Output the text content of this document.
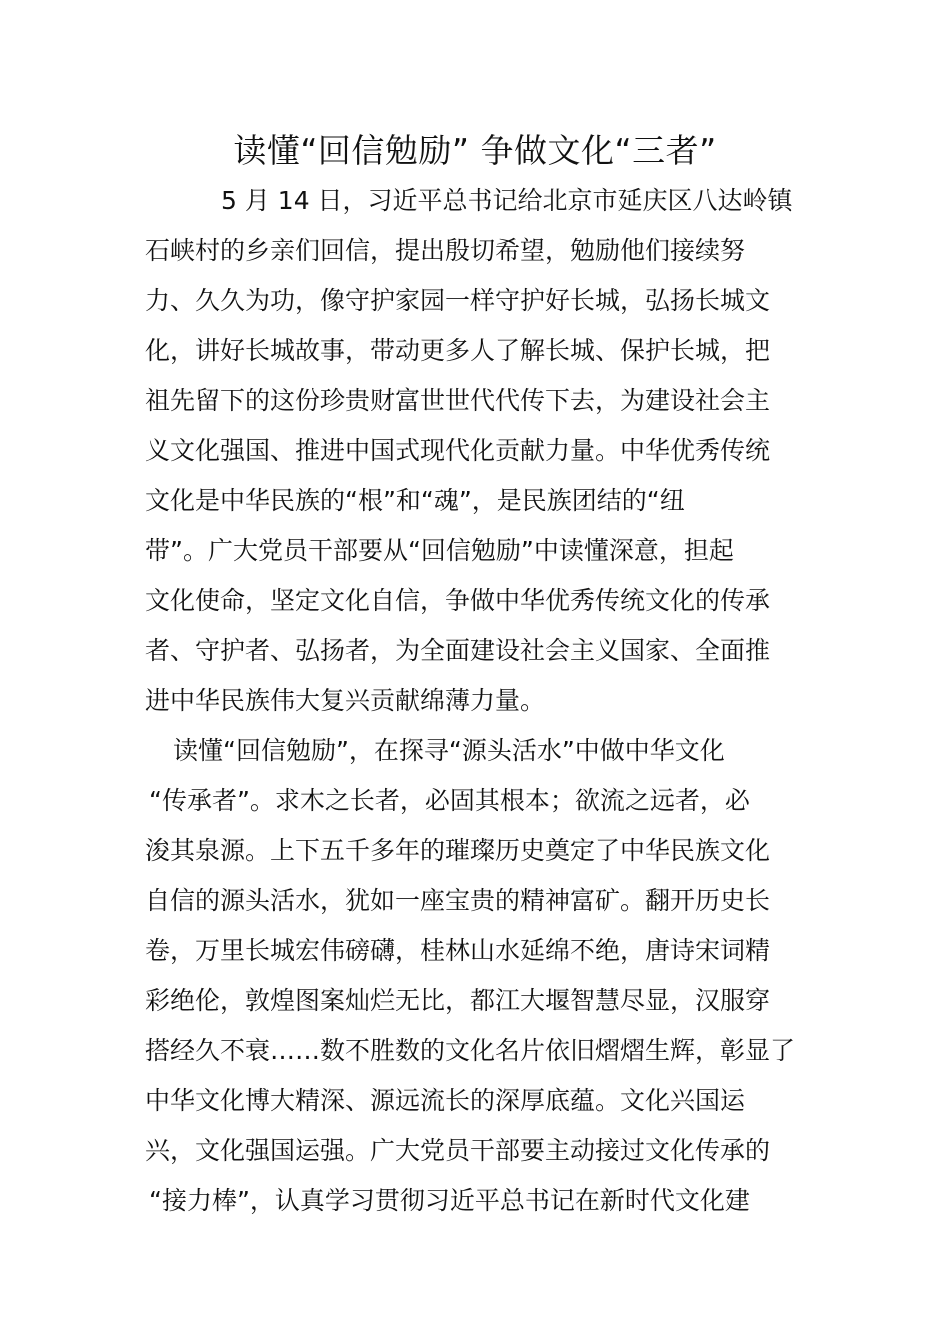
读懂“回信勉励” 争做文化“三者”
5 月 14 日，习近平总书记给北京市延庆区八达岭镇
石峡村的乡亲们回信，提出殷切希望，勉励他们接续努
力、久久为功，像守护家园一样守护好长城，弘扬长城文
化，讲好长城故事，带动更多人了解长城、保护长城，把
祖先留下的这份珍贵财富世世代代传下去，为建设社会主
义文化强国、推进中国式现代化贡献力量。中华优秀传统
文化是中华民族的“根”和“魂”，是民族团结的“纽
带”。广大党员干部要从“回信勉励”中读懂深意，担起
文化使命，坚定文化自信，争做中华优秀传统文化的传承
者、守护者、弘扬者，为全面建设社会主义国家、全面推
进中华民族伟大复兴贡献绵薄力量。
读懂“回信勉励”，在探寻“源头活水”中做中华文化
“传承者”。求木之长者，必固其根本；欲流之远者，必
浚其泉源。上下五千多年的璀璨历史奠定了中华民族文化
自信的源头活水，犹如一座宝贵的精神富矿。翻开历史长
卷，万里长城宏伟磅礴，桂林山水延绵不绝，唐诗宋词精
彩绝伦，敦煌图案灿烂无比，都江大堰智慧尽显，汉服穿
搭经久不衰……数不胜数的文化名片依旧熠熠生辉，彰显了
中华文化博大精深、源远流长的深厚底蕴。文化兴国运
兴，文化强国运强。广大党员干部要主动接过文化传承的
“接力棒”，认真学习贯彻习近平总书记在新时代文化建
